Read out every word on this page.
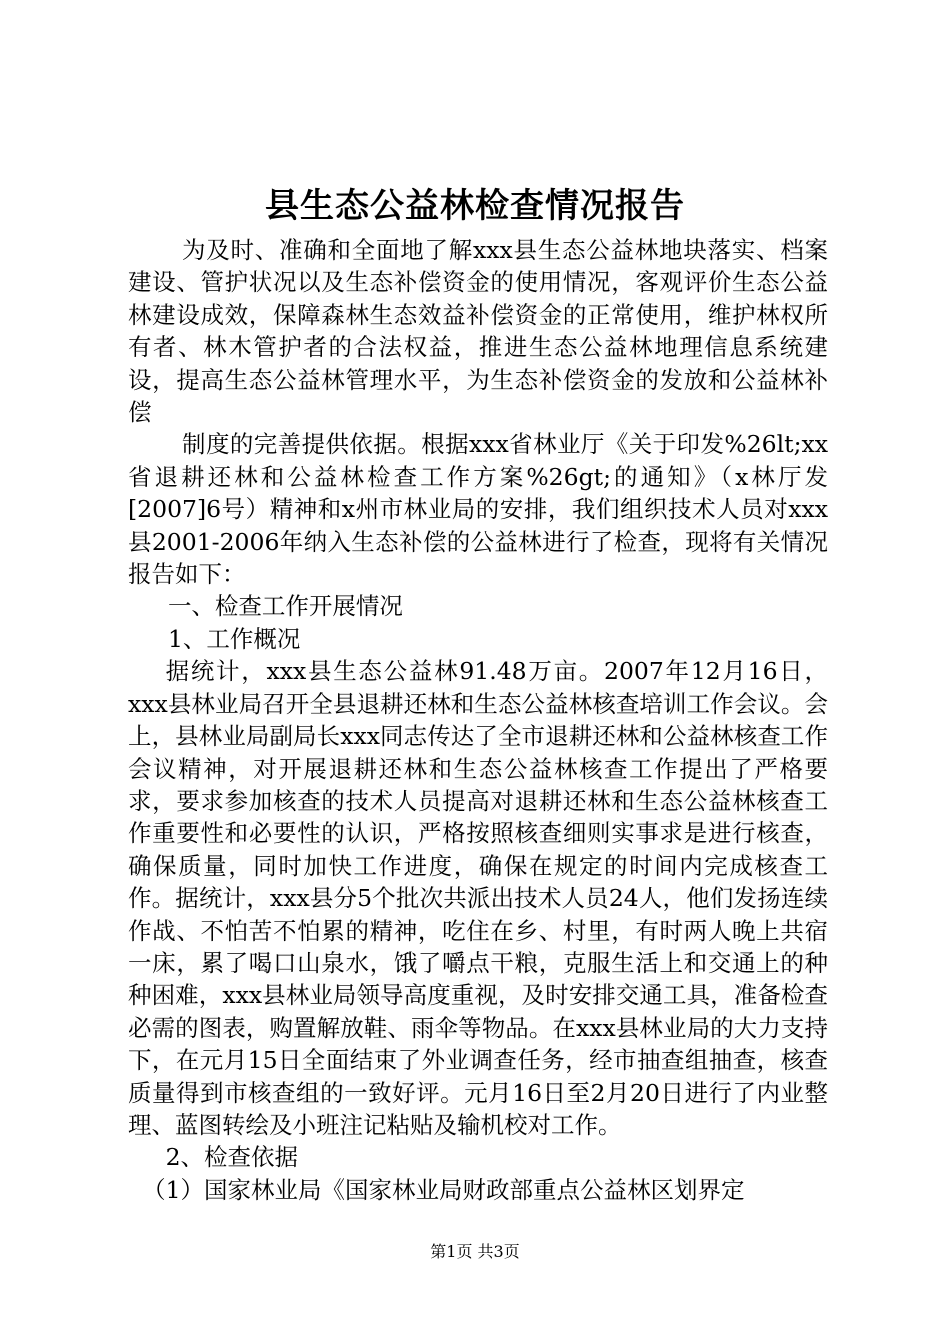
县生态公益林检查情况报告

为及时、准确和全面地了解xxx县生态公益林地块落实、档案建设、管护状况以及生态补偿资金的使用情况，客观评价生态公益林建设成效，保障森林生态效益补偿资金的正常使用，维护林权所有者、林木管护者的合法权益，推进生态公益林地理信息系统建设，提高生态公益林管理水平，为生态补偿资金的发放和公益林补偿

制度的完善提供依据。根据xxx省林业厅《关于印发%26lt;xx省退耕还林和公益林检查工作方案%26gt;的通知》（x林厅发[2007]6号）精神和x州市林业局的安排，我们组织技术人员对xxx县2001-2006年纳入生态补偿的公益林进行了检查，现将有关情况报告如下：

一、检查工作开展情况

1、工作概况

据统计，xxx县生态公益林91.48万亩。2007年12月16日，xxx县林业局召开全县退耕还林和生态公益林核查培训工作会议。会上，县林业局副局长xxx同志传达了全市退耕还林和公益林核查工作会议精神，对开展退耕还林和生态公益林核查工作提出了严格要求，要求参加核查的技术人员提高对退耕还林和生态公益林核查工作重要性和必要性的认识，严格按照核查细则实事求是进行核查，确保质量，同时加快工作进度，确保在规定的时间内完成核查工作。据统计，xxx县分5个批次共派出技术人员24人，他们发扬连续作战、不怕苦不怕累的精神，吃住在乡、村里，有时两人晚上共宿一床，累了喝口山泉水，饿了嚼点干粮，克服生活上和交通上的种种困难，xxx县林业局领导高度重视，及时安排交通工具，准备检查必需的图表，购置解放鞋、雨伞等物品。在xxx县林业局的大力支持下，在元月15日全面结束了外业调查任务，经市抽查组抽查，核查质量得到市核查组的一致好评。元月16日至2月20日进行了内业整理、蓝图转绘及小班注记粘贴及输机校对工作。

2、检查依据

（1）国家林业局《国家林业局财政部重点公益林区划界定

第1页 共3页
